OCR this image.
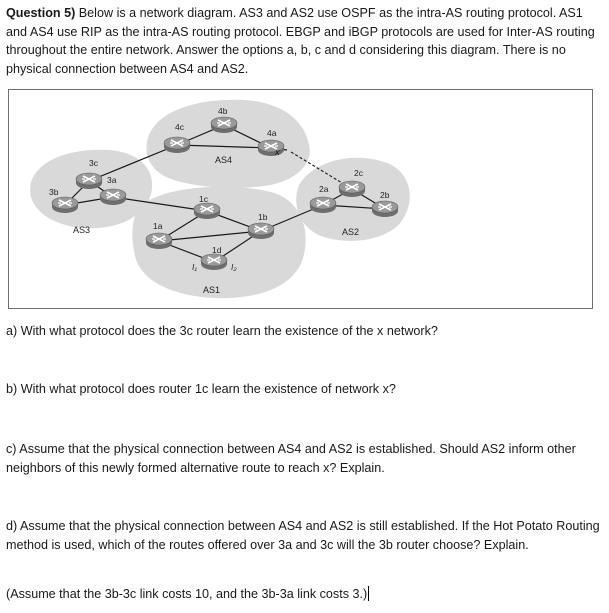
Question 5) Below is a network diagram. AS3 and AS2 use OSPF as the intra-AS routing protocol. AS1 and AS4 use RIP as the intra-AS routing protocol. EBGP and iBGP protocols are used for Inter-AS routing throughout the entire network. Answer the options a, b, c and d considering this diagram. There is no physical connection between AS4 and AS2.
4b
4c
4a
3c
3a
3b
1c
1b
1a
1d
2a
2c
2b
I₁	I₂
x
AS4
AS3
AS1
AS2
a) With what protocol does the 3c router learn the existence of the x network?
b) With what protocol does router 1c learn the existence of network x?
c) Assume that the physical connection between AS4 and AS2 is established. Should AS2 inform other neighbors of this newly formed alternative route to reach x? Explain.
d) Assume that the physical connection between AS4 and AS2 is still established. If the Hot Potato Routing method is used, which of the routes offered over 3a and 3c will the 3b router choose? Explain.
(Assume that the 3b-3c link costs 10, and the 3b-3a link costs 3.)
